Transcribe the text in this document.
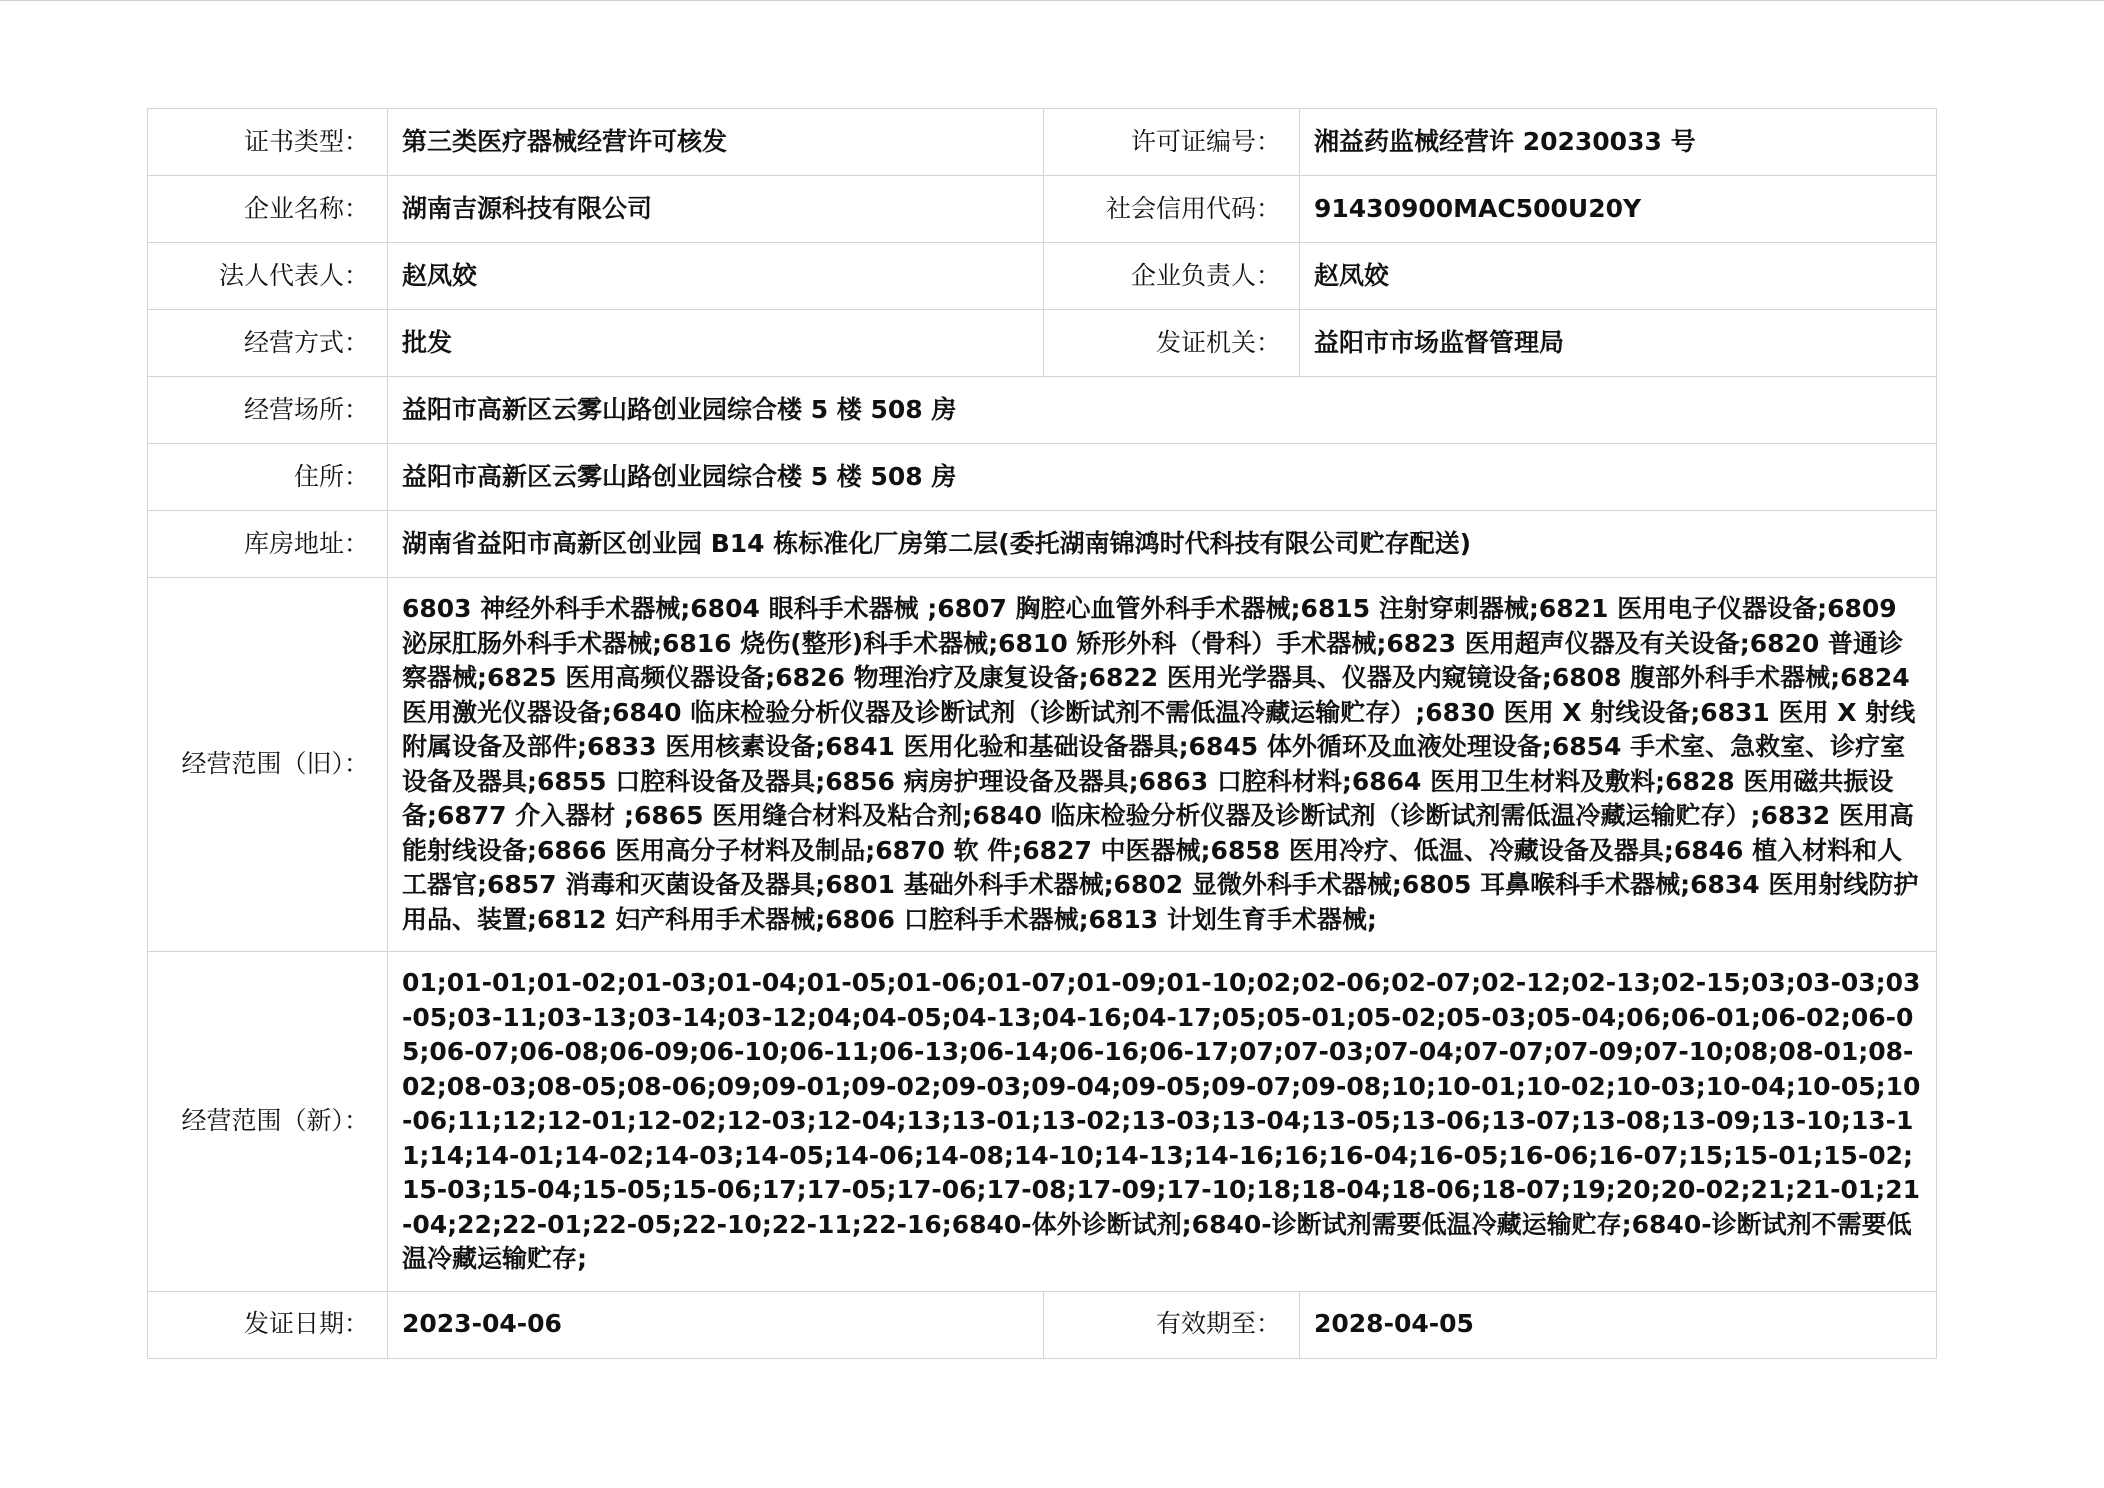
证书类型：	第三类医疗器械经营许可核发	许可证编号：	湘益药监械经营许 20230033 号
企业名称：	湖南吉源科技有限公司	社会信用代码：	91430900MAC500U20Y
法人代表人：	赵凤姣	企业负责人：	赵凤姣
经营方式：	批发	发证机关：	益阳市市场监督管理局
经营场所：	益阳市高新区云雾山路创业园综合楼 5 楼 508 房		
住所：	益阳市高新区云雾山路创业园综合楼 5 楼 508 房		
库房地址：	湖南省益阳市高新区创业园 B14 栋标准化厂房第二层(委托湖南锦鸿时代科技有限公司贮存配送)		
经营范围（旧）：	6803 神经外科手术器械;6804 眼科手术器械 ;6807 胸腔心血管外科手术器械;6815 注射穿刺器械;6821 医用电子仪器设备;6809 泌尿肛肠外科手术器械;6816 烧伤(整形)科手术器械;6810 矫形外科（骨科）手术器械;6823 医用超声仪器及有关设备;6820 普通诊察器械;6825 医用高频仪器设备;6826 物理治疗及康复设备;6822 医用光学器具、仪器及内窥镜设备;6808 腹部外科手术器械;6824 医用激光仪器设备;6840 临床检验分析仪器及诊断试剂（诊断试剂不需低温冷藏运输贮存）;6830 医用 X 射线设备;6831 医用 X 射线附属设备及部件;6833 医用核素设备;6841 医用化验和基础设备器具;6845 体外循环及血液处理设备;6854 手术室、急救室、诊疗室设备及器具;6855 口腔科设备及器具;6856 病房护理设备及器具;6863 口腔科材料;6864 医用卫生材料及敷料;6828 医用磁共振设备;6877 介入器材 ;6865 医用缝合材料及粘合剂;6840 临床检验分析仪器及诊断试剂（诊断试剂需低温冷藏运输贮存）;6832 医用高能射线设备;6866 医用高分子材料及制品;6870 软 件;6827 中医器械;6858 医用冷疗、低温、冷藏设备及器具;6846 植入材料和人工器官;6857 消毒和灭菌设备及器具;6801 基础外科手术器械;6802 显微外科手术器械;6805 耳鼻喉科手术器械;6834 医用射线防护用品、装置;6812 妇产科用手术器械;6806 口腔科手术器械;6813 计划生育手术器械;		
经营范围（新）：	01;01-01;01-02;01-03;01-04;01-05;01-06;01-07;01-09;01-10;02;02-06;02-07;02-12;02-13;02-15;03;03-03;03-05;03-11;03-13;03-14;03-12;04;04-05;04-13;04-16;04-17;05;05-01;05-02;05-03;05-04;06;06-01;06-02;06-05;06-07;06-08;06-09;06-10;06-11;06-13;06-14;06-16;06-17;07;07-03;07-04;07-07;07-09;07-10;08;08-01;08-02;08-03;08-05;08-06;09;09-01;09-02;09-03;09-04;09-05;09-07;09-08;10;10-01;10-02;10-03;10-04;10-05;10-06;11;12;12-01;12-02;12-03;12-04;13;13-01;13-02;13-03;13-04;13-05;13-06;13-07;13-08;13-09;13-10;13-11;14;14-01;14-02;14-03;14-05;14-06;14-08;14-10;14-13;14-16;16;16-04;16-05;16-06;16-07;15;15-01;15-02;15-03;15-04;15-05;15-06;17;17-05;17-06;17-08;17-09;17-10;18;18-04;18-06;18-07;19;20;20-02;21;21-01;21-04;22;22-01;22-05;22-10;22-11;22-16;6840-体外诊断试剂;6840-诊断试剂需要低温冷藏运输贮存;6840-诊断试剂不需要低温冷藏运输贮存;		
发证日期：	2023-04-06	有效期至：	2028-04-05
